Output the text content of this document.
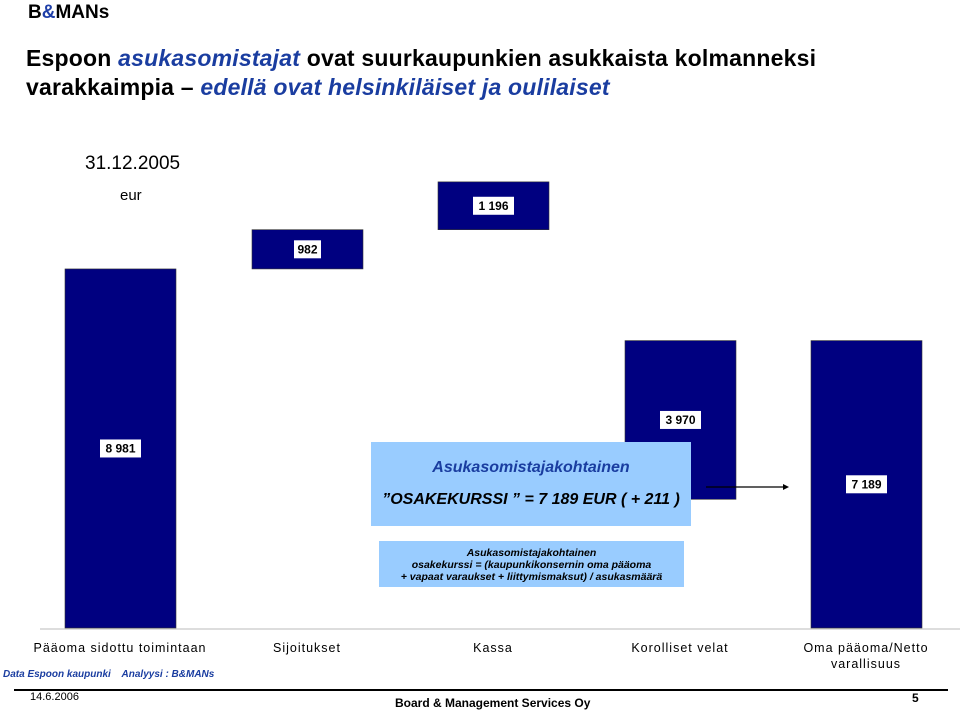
B&MANs
Espoon asukasomistajat ovat suurkaupunkien asukkaista kolmanneksi
varakkaimpia – edellä ovat helsinkiläiset ja oulilaiset
31.12.2005
eur
8 981
982
1 196
3 970
7 189
Asukasomistajakohtainen
”OSAKEKURSSI ” = 7 189 EUR ( + 211 )
Asukasomistajakohtainen
osakekurssi = (kaupunkikonsernin oma pääoma
+ vapaat varaukset + liittymismaksut) / asukasmäärä
Pääoma sidottu toimintaan	Sijoitukset	Kassa	Korolliset velat	Oma pääoma/Netto varallisuus
Data Espoon kaupunki    Analyysi : B&MANs
14.6.2006	Board & Management Services Oy	5
